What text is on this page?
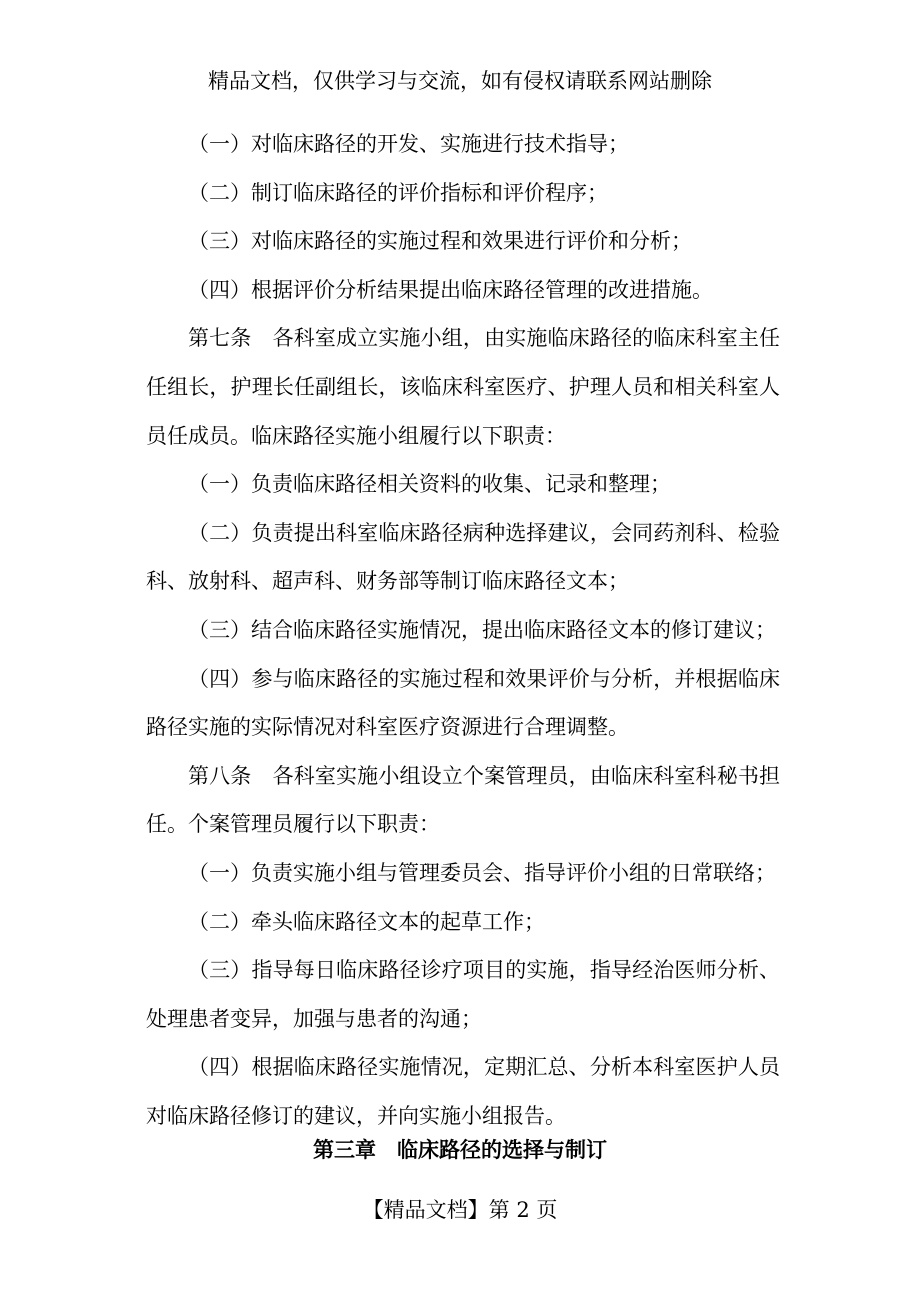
精品文档，仅供学习与交流，如有侵权请联系网站删除

（一）对临床路径的开发、实施进行技术指导；

（二）制订临床路径的评价指标和评价程序；

（三）对临床路径的实施过程和效果进行评价和分析；

（四）根据评价分析结果提出临床路径管理的改进措施。

第七条　各科室成立实施小组，由实施临床路径的临床科室主任任组长，护理长任副组长，该临床科室医疗、护理人员和相关科室人员任成员。临床路径实施小组履行以下职责：

（一）负责临床路径相关资料的收集、记录和整理；

（二）负责提出科室临床路径病种选择建议，会同药剂科、检验科、放射科、超声科、财务部等制订临床路径文本；

（三）结合临床路径实施情况，提出临床路径文本的修订建议；

（四）参与临床路径的实施过程和效果评价与分析，并根据临床路径实施的实际情况对科室医疗资源进行合理调整。

第八条　各科室实施小组设立个案管理员，由临床科室科秘书担任。个案管理员履行以下职责：

（一）负责实施小组与管理委员会、指导评价小组的日常联络；

（二）牵头临床路径文本的起草工作；

（三）指导每日临床路径诊疗项目的实施，指导经治医师分析、处理患者变异，加强与患者的沟通；

（四）根据临床路径实施情况，定期汇总、分析本科室医护人员对临床路径修订的建议，并向实施小组报告。

第三章　临床路径的选择与制订
【精品文档】第 2 页
